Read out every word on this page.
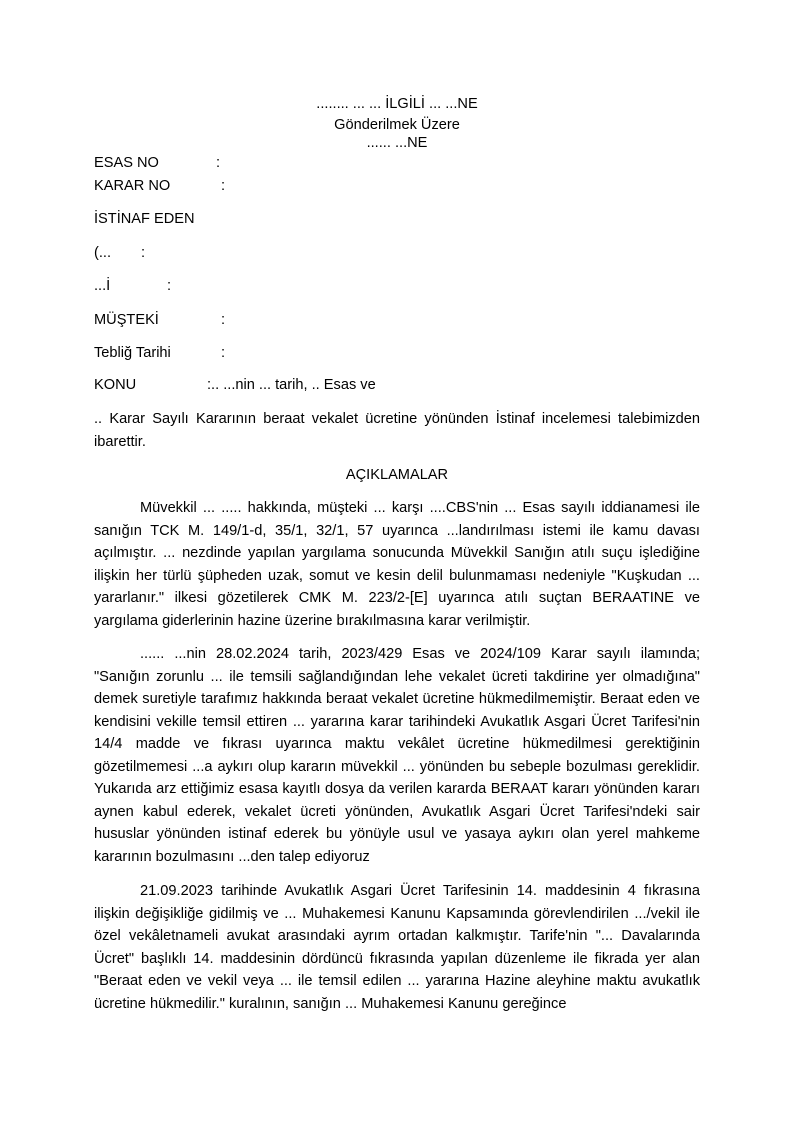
........ ... ... İLGİLİ ... ...NE
Gönderilmek Üzere
...... ...NE
ESAS NO	:
KARAR NO	:
İSTİNAF EDEN
(... :
...İ	:
MÜŞTEKİ	:
Tebliğ Tarihi	:
KONU	:.. ...nin ... tarih, .. Esas ve

.. Karar Sayılı Kararının beraat vekalet ücretine yönünden İstinaf incelemesi talebimizden ibarettir.

AÇIKLAMALAR

Müvekkil ... ..... hakkında, müşteki ... karşı ....CBS'nin ... Esas sayılı iddianamesi ile sanığın TCK M. 149/1-d, 35/1, 32/1, 57 uyarınca ...landırılması istemi ile kamu davası açılmıştır. ... nezdinde yapılan yargılama sonucunda Müvekkil Sanığın atılı suçu işlediğine ilişkin her türlü şüpheden uzak, somut ve kesin delil bulunmaması nedeniyle "Kuşkudan ... yararlanır." ilkesi gözetilerek CMK M. 223/2-[E] uyarınca atılı suçtan BERAATINE ve yargılama giderlerinin hazine üzerine bırakılmasına karar verilmiştir.

...... ...nin 28.02.2024 tarih, 2023/429 Esas ve 2024/109 Karar sayılı ilamında; "Sanığın zorunlu ... ile temsili sağlandığından lehe vekalet ücreti takdirine yer olmadığına" demek suretiyle tarafımız hakkında beraat vekalet ücretine hükmedilmemiştir. Beraat eden ve kendisini vekille temsil ettiren ... yararına karar tarihindeki Avukatlık Asgari Ücret Tarifesi'nin 14/4 madde ve fıkrası uyarınca maktu vekâlet ücretine hükmedilmesi gerektiğinin gözetilmemesi ...a aykırı olup kararın müvekkil ... yönünden bu sebeple bozulması gereklidir. Yukarıda arz ettiğimiz esasa kayıtlı dosya da verilen kararda BERAAT kararı yönünden kararı aynen kabul ederek, vekalet ücreti yönünden, Avukatlık Asgari Ücret Tarifesi'ndeki sair hususlar yönünden istinaf ederek bu yönüyle usul ve yasaya aykırı olan yerel mahkeme kararının bozulmasını ...den talep ediyoruz

21.09.2023 tarihinde Avukatlık Asgari Ücret Tarifesinin 14. maddesinin 4 fıkrasına ilişkin değişikliğe gidilmiş ve ... Muhakemesi Kanunu Kapsamında görevlendirilen .../vekil ile özel vekâletnameli avukat arasındaki ayrım ortadan kalkmıştır. Tarife'nin "... Davalarında Ücret" başlıklı 14. maddesinin dördüncü fıkrasında yapılan düzenleme ile fikrada yer alan "Beraat eden ve vekil veya ... ile temsil edilen ... yararına Hazine aleyhine maktu avukatlık ücretine hükmedilir." kuralının, sanığın ... Muhakemesi Kanunu gereğince
